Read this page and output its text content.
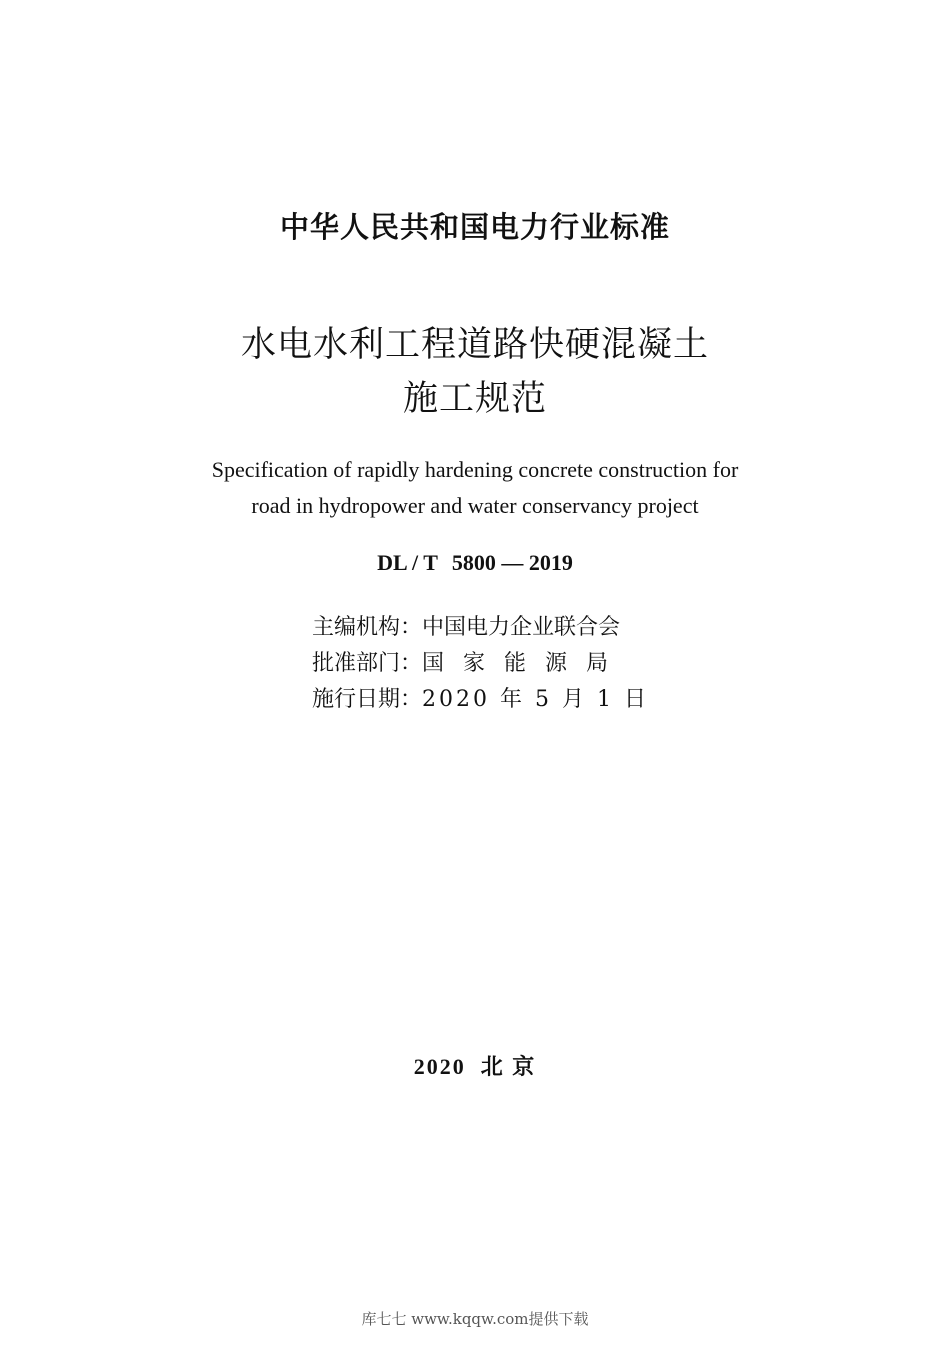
中华人民共和国电力行业标准
水电水利工程道路快硬混凝土
施工规范
Specification of rapidly hardening concrete construction for
road in hydropower and water conservancy project
DL / T 5800 — 2019
主编机构：中国电力企业联合会
批准部门：国家能源局
施行日期：2020 年 5 月 1 日
2020  北 京
库七七 www.kqqw.com提供下载
